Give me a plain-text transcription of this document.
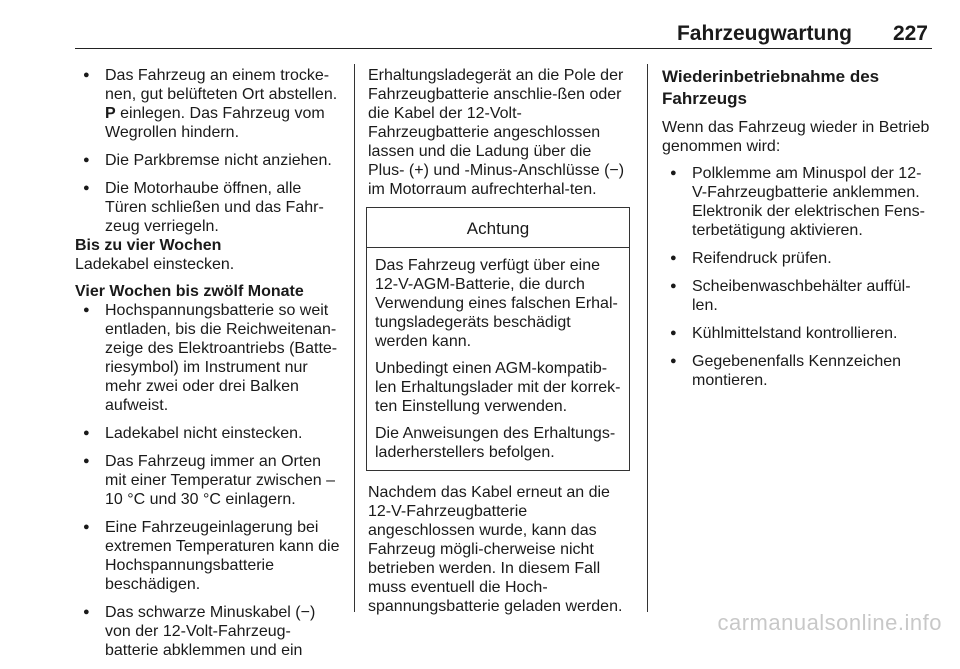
Fahrzeugwartung 227
● Das Fahrzeug an einem trocke-nen, gut belüfteten Ort abstellen. P einlegen. Das Fahrzeug vom Wegrollen hindern.
● Die Parkbremse nicht anziehen.
● Die Motorhaube öffnen, alle Türen schließen und das Fahr-zeug verriegeln.

Bis zu vier Wochen

Ladekabel einstecken.

Vier Wochen bis zwölf Monate

● Hochspannungsbatterie so weit entladen, bis die Reichweitenan-zeige des Elektroantriebs (Batte-riesymbol) im Instrument nur mehr zwei oder drei Balken aufweist.
● Ladekabel nicht einstecken.
● Das Fahrzeug immer an Orten mit einer Temperatur zwischen –10 °C und 30 °C einlagern.
● Eine Fahrzeugeinlagerung bei extremen Temperaturen kann die Hochspannungsbatterie beschädigen.
● Das schwarze Minuskabel (−) von der 12-Volt-Fahrzeug-batterie abklemmen und ein

Erhaltungsladegerät an die Pole der Fahrzeugbatterie anschlie-ßen oder die Kabel der 12-Volt-Fahrzeugbatterie angeschlossen lassen und die Ladung über die Plus- (+) und -Minus-Anschlüsse (−) im Motorraum aufrechterhal-ten.

Achtung

Das Fahrzeug verfügt über eine 12-V-AGM-Batterie, die durch Verwendung eines falschen Erhal-tungsladegeräts beschädigt werden kann.

Unbedingt einen AGM-kompatib-len Erhaltungslader mit der korrek-ten Einstellung verwenden.

Die Anweisungen des Erhaltungs-laderherstellers befolgen.

Nachdem das Kabel erneut an die 12-V-Fahrzeugbatterie angeschlossen wurde, kann das Fahrzeug mögli-cherweise nicht betrieben werden. In diesem Fall muss eventuell die Hoch-spannungsbatterie geladen werden.

Wiederinbetriebnahme des Fahrzeugs

Wenn das Fahrzeug wieder in Betrieb genommen wird:

● Polklemme am Minuspol der 12-V-Fahrzeugbatterie anklemmen. Elektronik der elektrischen Fens-terbetätigung aktivieren.
● Reifendruck prüfen.
● Scheibenwaschbehälter auffül-len.
● Kühlmittelstand kontrollieren.
● Gegebenenfalls Kennzeichen montieren.
carmanualsonline.info
